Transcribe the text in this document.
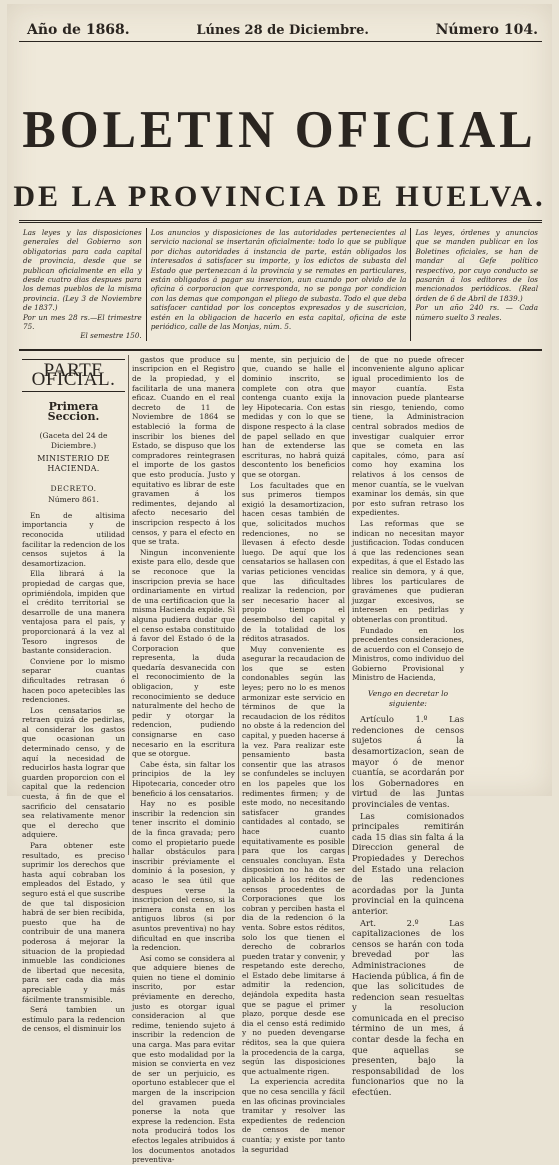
Año de 1868.	Lúnes 28 de Diciembre.	Número 104.
BOLETIN OFICIAL
DE LA PROVINCIA DE HUELVA.
Las leyes y las disposiciones generales del Gobierno son obligatorias para cada capital de provincia, desde que se publican oficialmente en ella y desde cuatro dias despues para los demas pueblos de la misma provincia. (Ley 3 de Noviembre de 1837.)
Por un mes 28 rs.—El trimestre 75.
El semestre 150.
Los anuncios y disposiciones de las autoridades pertenecientes al servicio nacional se insertarán oficialmente: todo lo que se publique por dichas autoridades á instancia de parte, están obligados los interesados á satisfacer su importe, y los edictos de subasta del Estado que pertenezcan á la provincia y se remates en particulares, están obligados á pagar su insercion, aun cuando por olvido de la oficina ó corporacion que corresponda, no se ponga por condicion con las demas que compongan el pliego de subasta. Todo el que deba satisfacer cantidad por los conceptos expresados y de suscricion, estén en la obligacion de hacerlo en esta capital, oficina de este periódico, calle de las Monjas, núm. 5.
Las leyes, órdenes y anuncios que se manden publicar en los Boletines oficiales, se han de mandar al Gefe político respectivo, por cuyo conducto se pasarán á los editores de los mencionados periódicos. (Real órden de 6 de Abril de 1839.)
Por un año 240 rs. — Cada número suelto 3 reales.
PARTE OFICIAL.
Primera Seccion.
(Gaceta del 24 de Diciembre.)
MINISTERIO DE HACIENDA.
DECRETO.
Número 861.

En de altisima importancia y de reconocida utilidad facilitar la redencion de los censos sujetos á la desamortizacion.

Ella librará á la propiedad de cargas que, oprimiéndola, impiden que el crédito territorial se desarrolle de una manera ventajosa para el país, y proporcionará á la vez al Tesoro ingresos de bastante consideracion.

Conviene por lo mismo separar cuantas dificultades retrasan ó hacen poco apetecibles las redenciones.

Los censatarios se retraen quizá de pedirlas, al considerar los gastos que ocasionan un determinado censo, y de aquí la necesidad de reducirlos hasta lograr que guarden proporcion con el capital que la redencion cuesta, á fin de que el sacrificio del censatario sea relativamente menor que el derecho que adquiere.

Para obtener este resultado, es preciso suprimir los derechos que hasta aquí cobraban los empleados del Estado, y seguro está el que suscribe de que tal disposicion habrá de ser bien recibida, puesto que ha de contribuir de una manera poderosa á mejorar la situacion de la propiedad inmueble las condiciones de libertad que necesita, para ser cada dia más apreciable y más fácilmente transmisible.

Será tambien un estímulo para la redencion de censos, el disminuir los

gastos que produce su inscripcion en el Registro de la propiedad, y el facilitarla de una manera eficaz. Cuando en el real decreto de 11 de Noviembre de 1864 se estableció la forma de inscribir los bienes del Estado, se dispuso que los compradores reintegrasen el importe de los gastos que esto producía. Justo y equitativo es librar de este gravamen á los redimentes, dejando al afecto necesario del inscripcion respecto á los censos, y para el efecto en que se trata.

Ningun inconveniente existe para ello, desde que se reconoce que la inscripcion previa se hace ordinariamente en virtud de una certificacion que la misma Hacienda expide. Si alguna pudiera dudar que el censo estaba constituido á favor del Estado ó de la Corporacion que representa, la duda quedaría desvanecida con el reconocimiento de la obligacion, y este reconocimiento se deduce naturalmente del hecho de pedir y otorgar la redencion, pudiendo consignarse en caso necesario en la escritura que se otorgue.

Cabe ésta, sin faltar los principios de la ley Hipotecaria, conceder otro beneficio á los censatarios.

Hay no es posible inscribir la redencion sin tener inscrito el dominio de la finca gravada; pero como el propietario puede hallar obstáculos para inscribir préviamente el dominio á la posesion, y acaso le sea útil que despues verse la inscripcion del censo, si la primera consta en los antiguos libros (si por asuntos preventiva) no hay dificultad en que inscriba la redencion.

Así como se considera al que adquiere bienes de quien no tiene el dominio inscrito, por estar préviamente en derecho, justo es otorgar igual consideracion al que redime, teniendo sujeto á inscribir la redencion de una carga. Mas para evitar que esto modalidad por la mision se convierta en vez de ser un perjuicio, es oportuno establecer que el margen de la inscripcion del gravamen pueda ponerse la nota que exprese la redencion. Esta nota producirá todos los efectos legales atribuidos á los documentos anotados preventiva-

mente, sin perjuicio de que, cuando se halle el dominio inscrito, se complete con otra que contenga cuanto exija la ley Hipotecaria. Con estas medidas y con lo que se dispone respecto á la clase de papel sellado en que han de extenderse las escrituras, no habrá quizá descontento los beneficios que se otorgan.

Los facultades que en sus primeros tiempos exigió la desamortizacion, hacen cesas también de que, solicitados muchos redenciones, no se llevasen á efecto desde luego. De aquí que los censatarios se hallasen con varias peticiones vencidas que las dificultades realizar la redencion, por ser necesario hacer al propio tiempo el desembolso del capital y de la totalidad de los réditos atrasados.

Muy conveniente es asegurar la recaudacion de los que se esten condonables según las leyes; pero no lo es menos armonizar este servicio en términos de que la recaudacion de los réditos no obste á la redencion del capital, y pueden hacerse á la vez. Para realizar este pensamiento basta consentir que las atrasos se confundeles se incluyen en los papeles que los redimentes firmen; y de este modo, no necesitando satisfacer grandes cantidades al contado, se hace cuanto equitativamente es posible para que los cargas censuales concluyan. Esta disposicion no ha de ser aplicable á los réditos de censos procedentes de Corporaciones que los cobran y perciben hasta el dia de la redencion ó la venta. Sobre estos réditos, solo los que tienen el derecho de cobrarlos pueden tratar y convenir, y respetando este derecho, el Estado debe limitarse á admitir la redencion, dejándola expedita hasta que se pague el primer plazo, porque desde ese dia el censo está redimido y no pueden devengarse réditos, sea la que quiera la procedencia de la carga, según las disposiciones que actualmente rigen.

La experiencia acredita que no cesa sencilla y fácil en las oficinas provinciales tramitar y resolver las expedientes de redencion de censos de menor cuantía; y existe por tanto la seguridad

de que no puede ofrecer inconveniente alguno aplicar igual procedimiento los de mayor cuantía. Esta innovacion puede plantearse sin riesgo, teniendo, como tiene, la Administracion central sobrados medios de investigar cualquier error que se cometa en las capitales, cómo, para así como hoy examina los relativos á los censos de menor cuantía, se le vuelvan examinar los demás, sin que por esto sufran retraso los expedientes.

Las reformas que se indican no necesitan mayor justificacion. Todas conducen á que las redenciones sean expeditas, á que el Estado las realice sin demora, y á que, libres los particulares de gravámenes que pudieran juzgar excesivos, se interesen en pedirlas y obtenerlas con prontitud.

Fundado en los precedentes consideraciones, de acuerdo con el Consejo de Ministros, como individuo del Gobierno Provisional y Ministro de Hacienda,

Vengo en decretar lo siguiente:

Artículo 1.º Las redenciones de censos sujetos á la desamortizacion, sean de mayor ó de menor cuantía, se acordarán por los Gobernadores en virtud de las Juntas provinciales de ventas.

Las comisionados principales remitirán cada 15 dias sin falta á la Direccion general de Propiedades y Derechos del Estado una relacion de las redenciones acordadas por la Junta provincial en la quincena anterior.

Art. 2.º Las capitalizaciones de los censos se harán con toda brevedad por las Administraciones de Hacienda pública, á fin de que las solicitudes de redencion sean resueltas y la resolucion comunicada en el preciso término de un mes, á contar desde la fecha en que aquellas se presenten, bajo la responsabilidad de los funcionarios que no la efectúen.
